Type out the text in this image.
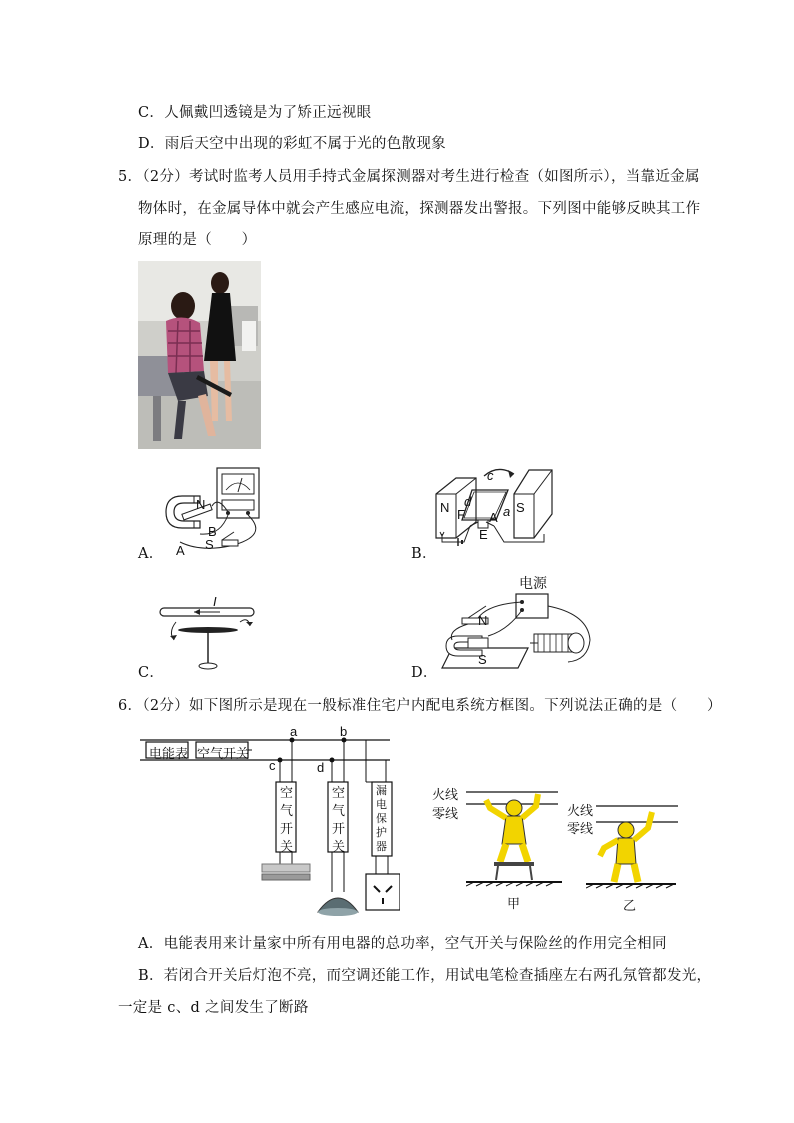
C．人佩戴凹透镜是为了矫正远视眼
D．雨后天空中出现的彩虹不属于光的色散现象
5．（2分）考试时监考人员用手持式金属探测器对考生进行检查（如图所示），当靠近金属
物体时，在金属导体中就会产生感应电流，探测器发出警报。下列图中能够反映其工作
原理的是（　　）
N
S
A
B
A．
N	S
c
d
a
F A
E
B．
I
C．
电源
N
S
D．
6．（2分）如下图所示是现在一般标准住宅户内配电系统方框图。下列说法正确的是（　　）
电能表 空气开关
a	b
c	d
空气开关
空气开关
漏电保护器
火线
零线
甲
火线
零线
乙
A．电能表用来计量家中所有用电器的总功率，空气开关与保险丝的作用完全相同
B．若闭合开关后灯泡不亮，而空调还能工作，用试电笔检查插座左右两孔氖管都发光，
一定是 c、d 之间发生了断路
